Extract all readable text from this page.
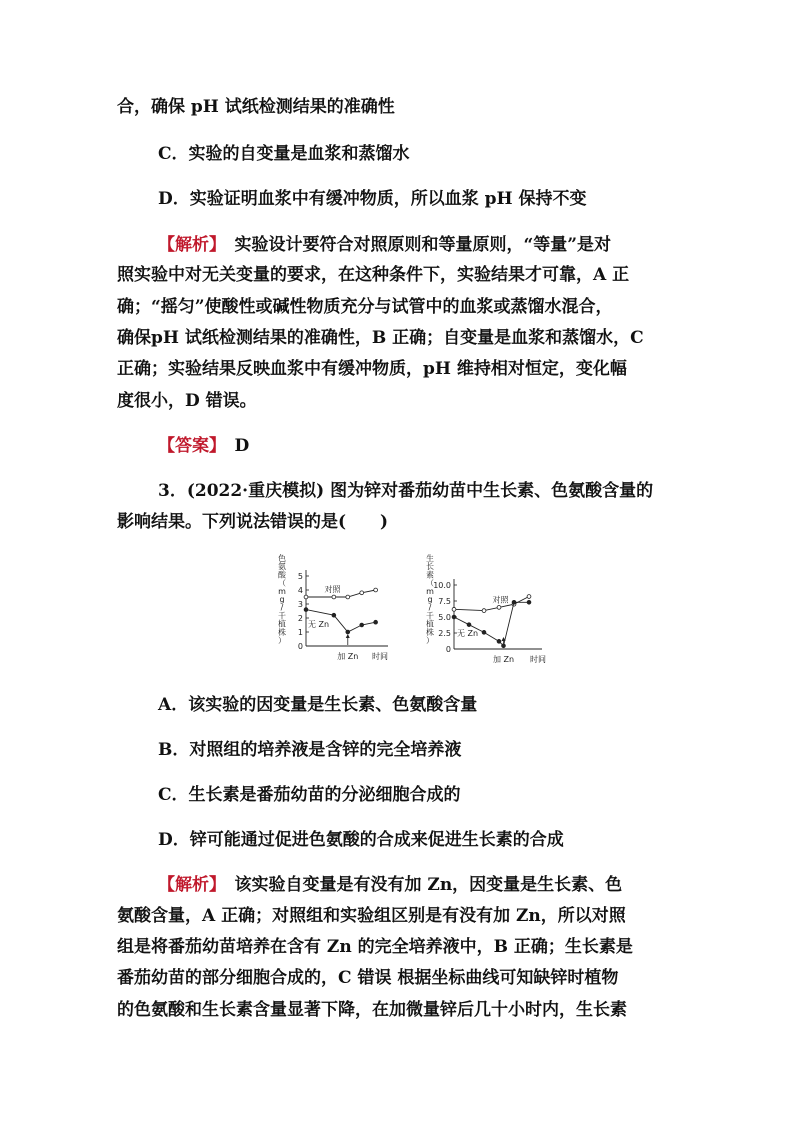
合，确保 pH 试纸检测结果的准确性
C．实验的自变量是血浆和蒸馏水
D．实验证明血浆中有缓冲物质，所以血浆 pH 保持不变
【解析】　实验设计要符合对照原则和等量原则，“等量”是对
照实验中对无关变量的要求，在这种条件下，实验结果才可靠，A 正
确；“摇匀”使酸性或碱性物质充分与试管中的血浆或蒸馏水混合，
确保pH 试纸检测结果的准确性，B 正确；自变量是血浆和蒸馏水，C
正确；实验结果反映血浆中有缓冲物质，pH 维持相对恒定，变化幅
度很小，D 错误。
【答案】　D
3．(2022·重庆模拟) 图为锌对番茄幼苗中生长素、色氨酸含量的
影响结果。下列说法错误的是(　　)
0
1
2
3
4
5
色
氨
酸
（
m
g
/
千
植
株
）
时间
加 Zn
对照
无 Zn
10.0
7.5
5.0
2.5
0
生
长
素
（
m
g
/
千
植
株
）
时间
加 Zn
对照
无 Zn
A．该实验的因变量是生长素、色氨酸含量
B．对照组的培养液是含锌的完全培养液
C．生长素是番茄幼苗的分泌细胞合成的
D．锌可能通过促进色氨酸的合成来促进生长素的合成
【解析】　该实验自变量是有没有加 Zn，因变量是生长素、色
氨酸含量，A 正确；对照组和实验组区别是有没有加 Zn，所以对照
组是将番茄幼苗培养在含有 Zn 的完全培养液中，B 正确；生长素是
番茄幼苗的部分细胞合成的，C 错误 根据坐标曲线可知缺锌时植物
的色氨酸和生长素含量显著下降，在加微量锌后几十小时内，生长素
